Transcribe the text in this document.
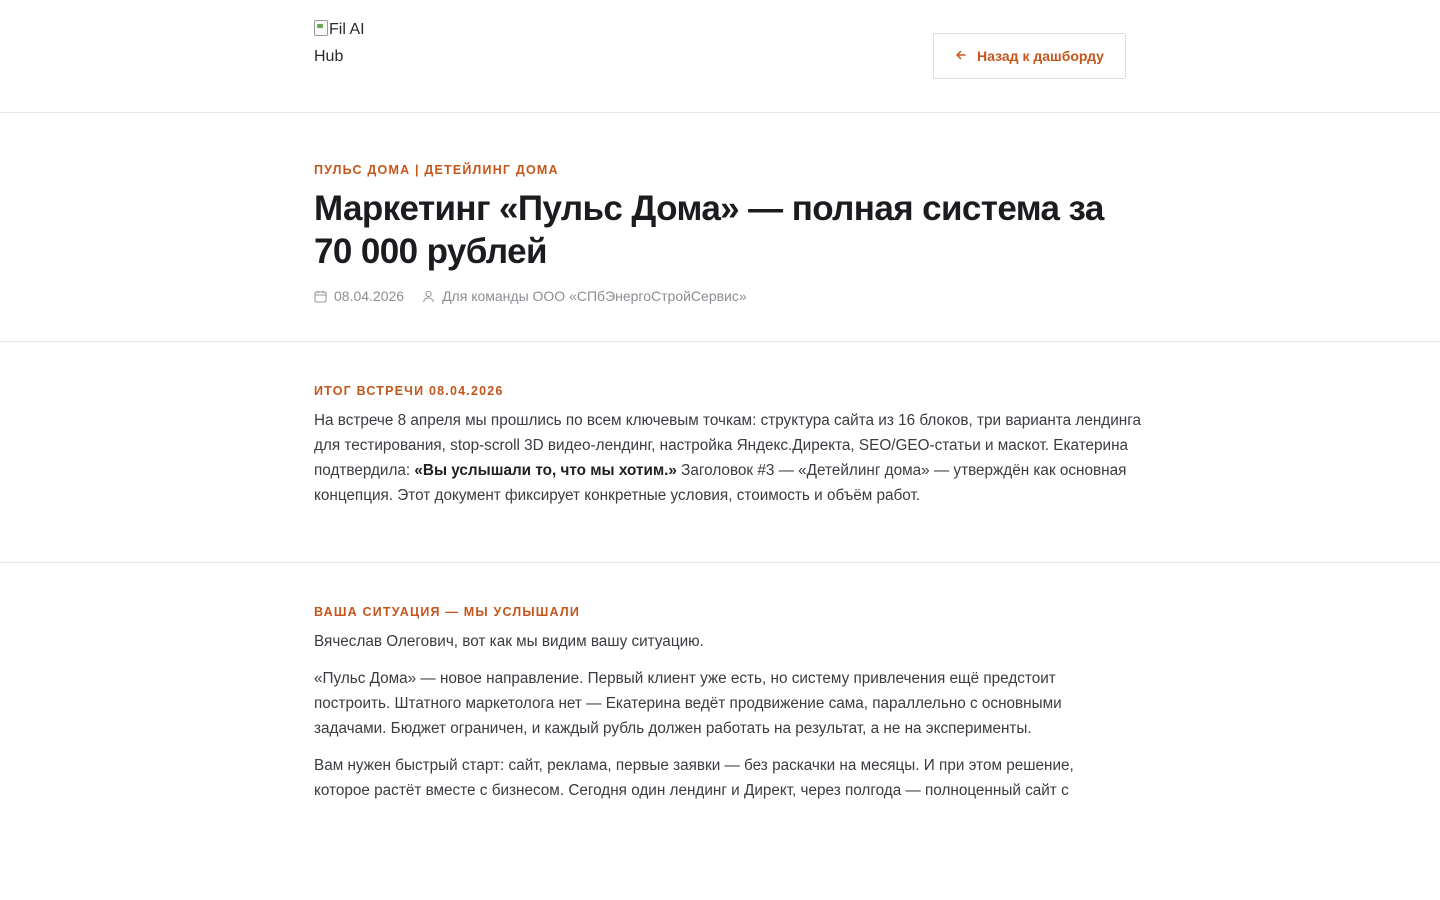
Fil AI Hub	Назад к дашборду
ПУЛЬС ДОМА | ДЕТЕЙЛИНГ ДОМА
Маркетинг «Пульс Дома» — полная система за 70 000 рублей
08.04.2026	Для команды ООО «СПбЭнергоСтройСервис»
ИТОГ ВСТРЕЧИ 08.04.2026

На встрече 8 апреля мы прошлись по всем ключевым точкам: структура сайта из 16 блоков, три варианта лендинга для тестирования, stop-scroll 3D видео-лендинг, настройка Яндекс.Директа, SEO/GEO-статьи и маскот. Екатерина подтвердила: «Вы услышали то, что мы хотим.» Заголовок #3 — «Детейлинг дома» — утверждён как основная концепция. Этот документ фиксирует конкретные условия, стоимость и объём работ.

ВАША СИТУАЦИЯ — МЫ УСЛЫШАЛИ

Вячеслав Олегович, вот как мы видим вашу ситуацию.

«Пульс Дома» — новое направление. Первый клиент уже есть, но систему привлечения ещё предстоит построить. Штатного маркетолога нет — Екатерина ведёт продвижение сама, параллельно с основными задачами. Бюджет ограничен, и каждый рубль должен работать на результат, а не на эксперименты.

Вам нужен быстрый старт: сайт, реклама, первые заявки — без раскачки на месяцы. И при этом решение, которое растёт вместе с бизнесом. Сегодня один лендинг и Директ, через полгода — полноценный сайт с
